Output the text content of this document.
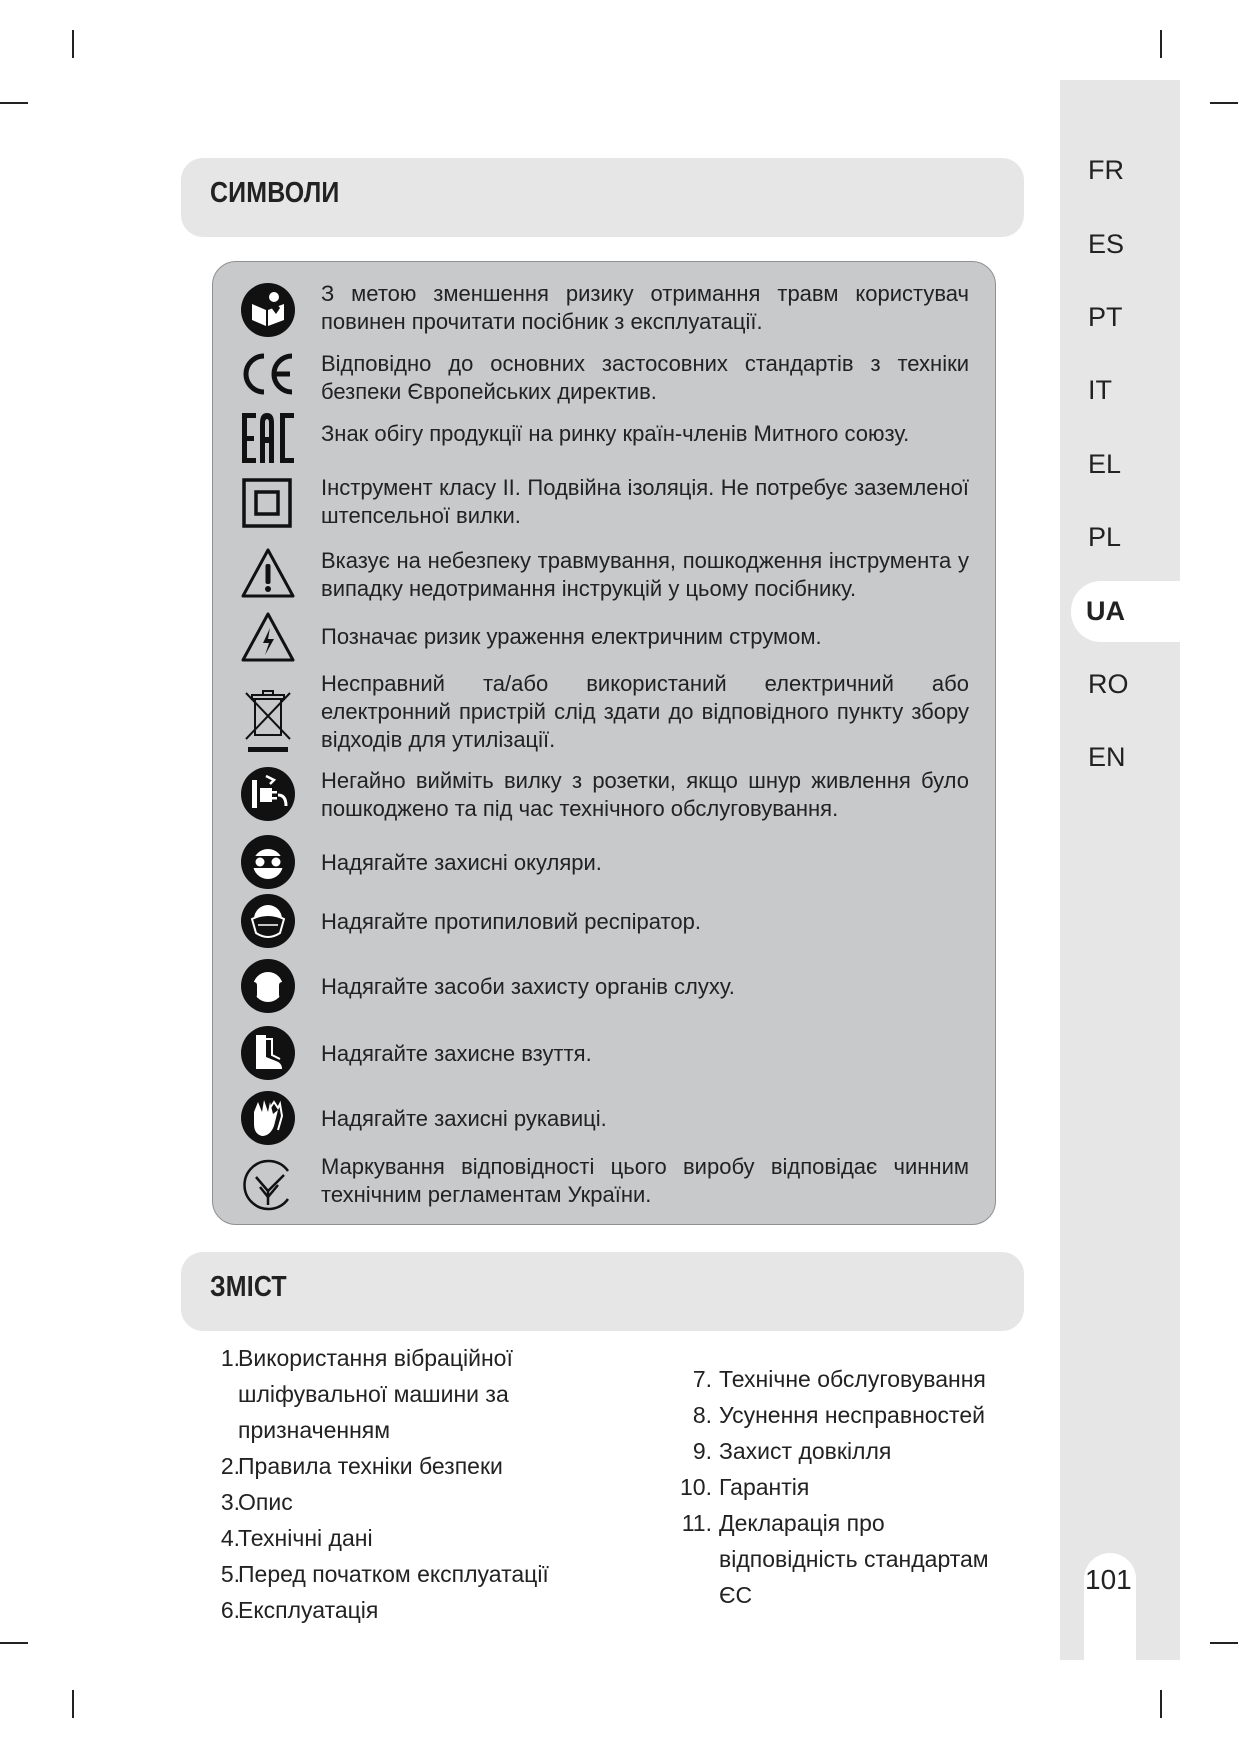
FR
ES
PT
IT
EL
PL
UA
RO
EN
101
СИМВОЛИ
З метою зменшення ризику отримання травм користувач повинен прочитати посібник з експлуатації.
Відповідно до основних застосовних стандартів з техніки безпеки Європейських директив.
Знак обігу продукції на ринку країн-членів Митного союзу.
Інструмент класу II. Подвійна ізоляція. Не потребує заземленої штепсельної вилки.
Вказує на небезпеку травмування, пошкодження інструмента у випадку недотримання інструкцій у цьому посібнику.
Позначає ризик ураження електричним струмом.
Несправний та/або використаний електричний або електронний пристрій слід здати до відповідного пункту збору відходів для утилізації.
Негайно вийміть вилку з розетки, якщо шнур живлення було пошкоджено та під час технічного обслуговування.
Надягайте захисні окуляри.
Надягайте протипиловий респіратор.
Надягайте засоби захисту органів слуху.
Надягайте захисне взуття.
Надягайте захисні рукавиці.
Маркування відповідності цього виробу відповідає чинним технічним регламентам України.
ЗМІСТ
1.
Використання вібраційної шліфувальної машини за призначенням
2.
Правила техніки безпеки
3.
Опис
4.
Технічні дані
5.
Перед початком експлуатації
6.
Експлуатація
7. Технічне обслуговування
8. Усунення несправностей
9. Захист довкілля
10. Гарантія
11. Декларація про відповідність стандартам ЄС
